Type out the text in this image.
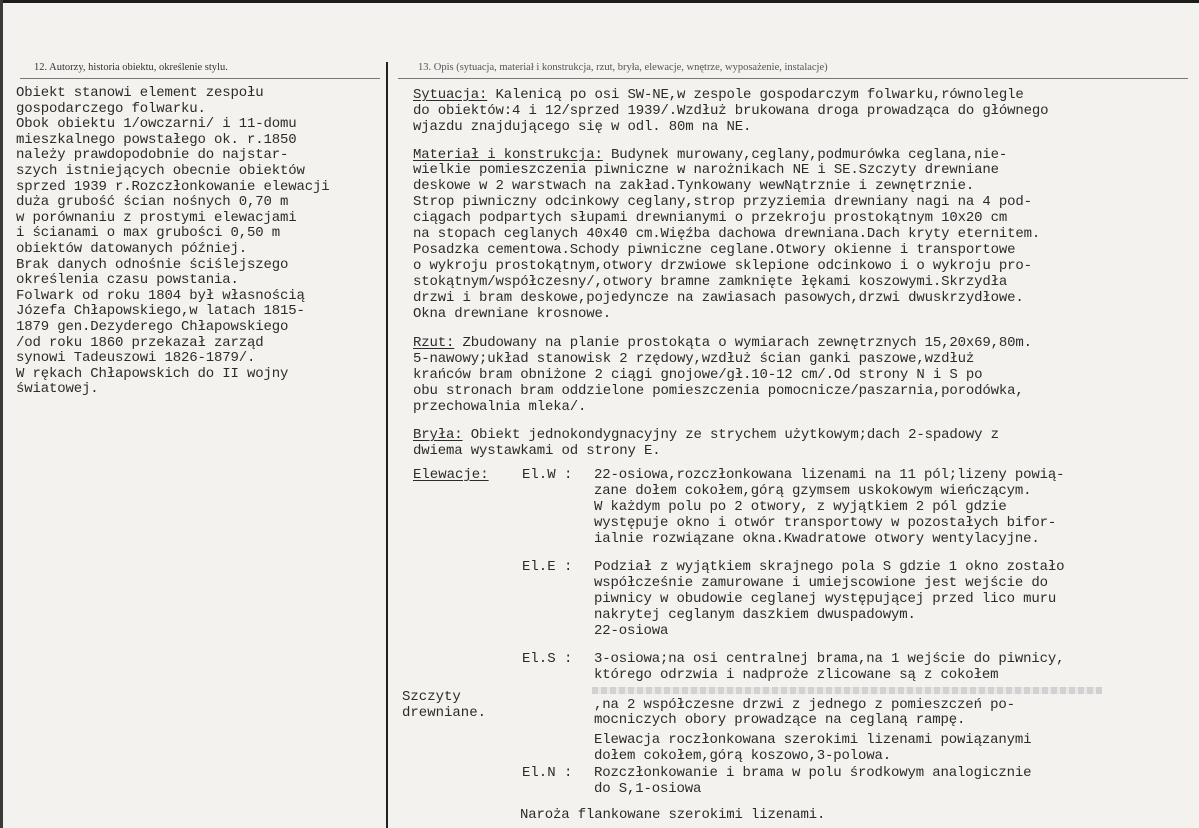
12. Autorzy, historia obiektu, określenie stylu.	13. Opis (sytuacja, materiał i konstrukcja, rzut, bryła, elewacje, wnętrze, wyposażenie, instalacje)
Obiekt stanowi element zespołu
gospodarczego folwarku.
Obok obiektu 1/owczarni/ i 11-domu
mieszkalnego powstałego ok. r.1850
należy prawdopodobnie do najstar-
szych istniejących obecnie obiektów
sprzed 1939 r.Rozczłonkowanie elewacji
duża grubość ścian nośnych 0,70 m
w porównaniu z prostymi elewacjami
i ścianami o max grubości 0,50 m
obiektów datowanych później.
Brak danych odnośnie ściślejszego
określenia czasu powstania.
Folwark od roku 1804 był własnością
Józefa Chłapowskiego,w latach 1815-
1879 gen.Dezyderego Chłapowskiego
/od roku 1860 przekazał zarząd
synowi Tadeuszowi 1826-1879/.
W rękach Chłapowskich do II wojny
światowej.
Sytuacja: Kalenicą po osi SW-NE,w zespole gospodarczym folwarku,równolegle
do obiektów:4 i 12/sprzed 1939/.Wzdłuż brukowana droga prowadząca do głównego
wjazdu znajdującego się w odl. 80m na NE.
Materiał i konstrukcja: Budynek murowany,ceglany,podmurówka ceglana,nie-
wielkie pomieszczenia piwniczne w narożnikach NE i SE.Szczyty drewniane
deskowe w 2 warstwach na zakład.Tynkowany wewNątrznie i zewnętrznie.
Strop piwniczny odcinkowy ceglany,strop przyziemia drewniany nagi na 4 pod-
ciągach podpartych słupami drewnianymi o przekroju prostokątnym 10x20 cm
na stopach ceglanych 40x40 cm.Więźba dachowa drewniana.Dach kryty eternitem.
Posadzka cementowa.Schody piwniczne ceglane.Otwory okienne i transportowe
o wykroju prostokątnym,otwory drzwiowe sklepione odcinkowo i o wykroju pro-
stokątnym/współczesny/,otwory bramne zamknięte łękami koszowymi.Skrzydła
drzwi i bram deskowe,pojedyncze na zawiasach pasowych,drzwi dwuskrzydłowe.
Okna drewniane krosnowe.
Rzut: Zbudowany na planie prostokąta o wymiarach zewnętrznych 15,20x69,80m.
5-nawowy;układ stanowisk 2 rzędowy,wzdłuż ścian ganki paszowe,wzdłuż
krańców bram obniżone 2 ciągi gnojowe/gł.10-12 cm/.Od strony N i S po
obu stronach bram oddzielone pomieszczenia pomocnicze/paszarnia,porodówka,
przechowalnia mleka/.
Bryła: Obiekt jednokondygnacyjny ze strychem użytkowym;dach 2-spadowy z
dwiema wystawkami od strony E.
Elewacje: El.W : 22-osiowa,rozczłonkowana lizenami na 11 pól;lizeny powią-
zane dołem cokołem,górą gzymsem uskokowym wieńczącym.
W każdym polu po 2 otwory, z wyjątkiem 2 pól gdzie
występuje okno i otwór transportowy w pozostałych bifor-
ialnie rozwiązane okna.Kwadratowe otwory wentylacyjne.
El.E : Podział z wyjątkiem skrajnego pola S gdzie 1 okno zostało
współcześnie zamurowane i umiejscowione jest wejście do
piwnicy w obudowie ceglanej występującej przed lico muru
nakrytej ceglanym daszkiem dwuspadowym.
22-osiowa
El.S : 3-osiowa;na osi centralnej brama,na 1 wejście do piwnicy,
którego odrzwia i nadproże zlicowane są z cokołem
Szczyty
drewniane.	,na 2 współczesne drzwi z jednego z pomieszczeń po-
mocniczych obory prowadzące na ceglaną rampę.
Elewacja roczłonkowana szerokimi lizenami powiązanymi
dołem cokołem,górą koszowo,3-polowa.
El.N : Rozczłonkowanie i brama w polu środkowym analogicznie
do S,1-osiowa
Naroża flankowane szerokimi lizenami.
